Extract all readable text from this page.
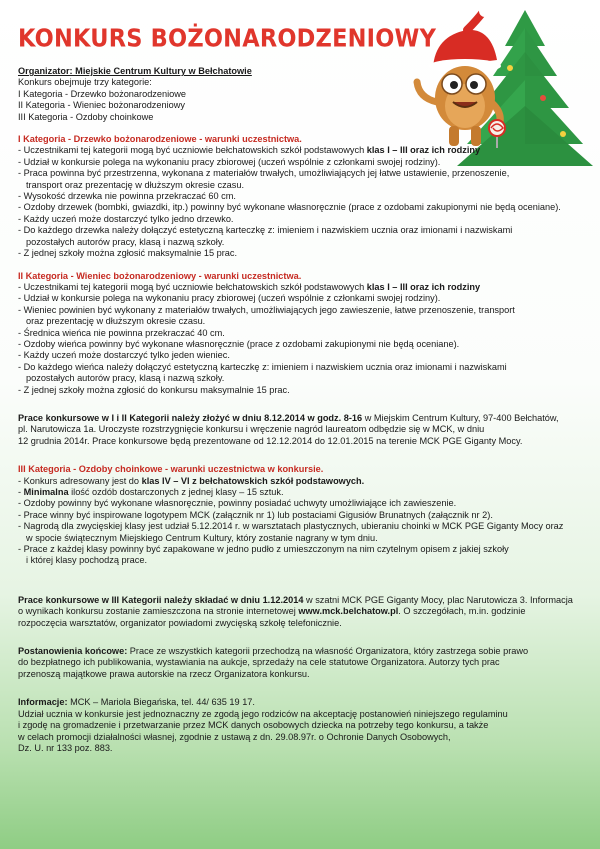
KONKURS BOŻONARODZENIOWY

Organizator: Miejskie Centrum Kultury w Bełchatowie

Konkurs obejmuje trzy kategorie:

I Kategoria - Drzewko bożonarodzeniowe

II Kategoria - Wieniec bożonarodzeniowy

III Kategoria - Ozdoby choinkowe

I Kategoria - Drzewko bożonarodzeniowe - warunki uczestnictwa.

- Uczestnikami tej kategorii mogą być uczniowie bełchatowskich szkół podstawowych klas I – III oraz ich rodziny

- Udział w konkursie polega na wykonaniu pracy zbiorowej (uczeń wspólnie z członkami swojej rodziny).

- Praca powinna być przestrzenna, wykonana z materiałów trwałych, umożliwiających jej łatwe ustawienie, przenoszenie,

transport oraz prezentację w dłuższym okresie czasu.

- Wysokość drzewka nie powinna przekraczać 60 cm.

- Ozdoby drzewek (bombki, gwiazdki, itp.) powinny być wykonane własnoręcznie (prace z ozdobami zakupionymi nie będą oceniane).

- Każdy uczeń może dostarczyć tylko jedno drzewko.

- Do każdego drzewka należy dołączyć estetyczną karteczkę z: imieniem i nazwiskiem ucznia oraz imionami i nazwiskami

pozostałych autorów pracy, klasą i nazwą szkoły.

- Z jednej szkoły można zgłosić maksymalnie 15 prac.

II Kategoria - Wieniec bożonarodzeniowy - warunki uczestnictwa.

- Uczestnikami tej kategorii mogą być uczniowie bełchatowskich szkół podstawowych klas I – III oraz ich rodziny

- Udział w konkursie polega na wykonaniu pracy zbiorowej (uczeń wspólnie z członkami swojej rodziny).

- Wieniec powinien być wykonany z materiałów trwałych, umożliwiających jego zawieszenie, łatwe przenoszenie, transport

oraz prezentację w dłuższym okresie czasu.

- Średnica wieńca nie powinna przekraczać 40 cm.

- Ozdoby wieńca powinny być wykonane własnoręcznie (prace z ozdobami zakupionymi nie będą oceniane).

- Każdy uczeń może dostarczyć tylko jeden wieniec.

- Do każdego wieńca należy dołączyć estetyczną karteczkę z: imieniem i nazwiskiem ucznia oraz imionami i nazwiskami

pozostałych autorów pracy, klasą i nazwą szkoły.

- Z jednej szkoły można zgłosić do konkursu maksymalnie 15 prac.

Prace konkursowe w I i II Kategorii należy złożyć w dniu 8.12.2014 w godz. 8-16 w Miejskim Centrum Kultury, 97-400 Bełchatów,

pl. Narutowicza 1a. Uroczyste rozstrzygnięcie konkursu i wręczenie nagród laureatom odbędzie się w MCK, w dniu

12 grudnia 2014r. Prace konkursowe będą prezentowane od 12.12.2014 do 12.01.2015 na terenie MCK PGE Giganty Mocy.

III Kategoria - Ozdoby choinkowe - warunki uczestnictwa w konkursie.

- Konkurs adresowany jest do klas IV – VI z bełchatowskich szkół podstawowych.

- Minimalna ilość ozdób dostarczonych z jednej klasy – 15 sztuk.

- Ozdoby powinny być wykonane własnoręcznie, powinny posiadać uchwyty umożliwiające ich zawieszenie.

- Prace winny być inspirowane logotypem MCK (załącznik nr 1) lub postaciami Gigusiów Brunatnych (załącznik nr 2).

- Nagrodą dla zwycięskiej klasy jest udział 5.12.2014 r. w warsztatach plastycznych, ubieraniu choinki w MCK PGE Giganty Mocy oraz

w spocie świątecznym Miejskiego Centrum Kultury, który zostanie nagrany w tym dniu.

- Prace z każdej klasy powinny być zapakowane w jedno pudło z umieszczonym na nim czytelnym opisem z jakiej szkoły

i której klasy pochodzą prace.

Prace konkursowe w III Kategorii należy składać w dniu 1.12.2014 w szatni MCK PGE Giganty Mocy, plac Narutowicza 3. Informacja

o wynikach konkursu zostanie zamieszczona na stronie internetowej www.mck.belchatow.pl. O szczegółach, m.in. godzinie

rozpoczęcia warsztatów, organizator powiadomi zwycięską szkołę telefonicznie.

Postanowienia końcowe: Prace ze wszystkich kategorii przechodzą na własność Organizatora, który zastrzega sobie prawo

do bezpłatnego ich publikowania, wystawiania na aukcje, sprzedaży na cele statutowe Organizatora. Autorzy tych prac

przenoszą majątkowe prawa autorskie na rzecz Organizatora konkursu.

Informacje: MCK – Mariola Biegańska, tel. 44/ 635 19 17.

Udział ucznia w konkursie jest jednoznaczny ze zgodą jego rodziców na akceptację postanowień niniejszego regulaminu

i zgodę na gromadzenie i przetwarzanie przez MCK danych osobowych dziecka na potrzeby tego konkursu, a także

w celach promocji działalności własnej, zgodnie z ustawą z dn. 29.08.97r. o Ochronie Danych Osobowych,

Dz. U. nr 133 poz. 883.
